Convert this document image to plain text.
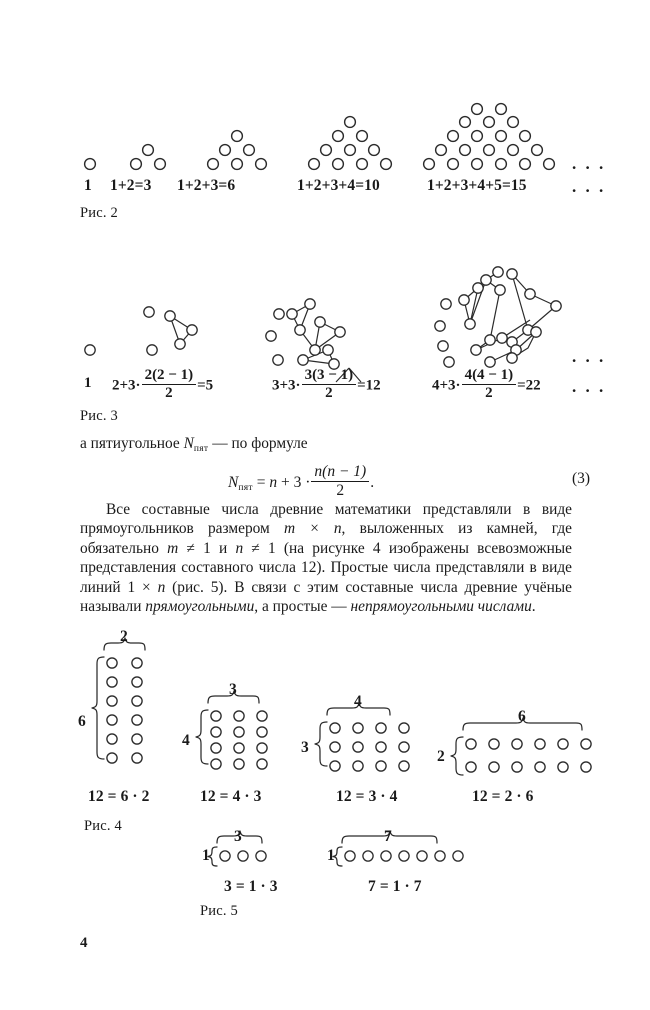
. . .
1 1+2=3 1+2+3=6	1+2+3+4=10	1+2+3+4+5=15	. . .
Рис. 2
. . .
1 $2+3\cdot \frac{2(2 - 1)}{2} =5$	$3+3\cdot \frac{3(3 - 1)}{2} =12$	$4+3\cdot \frac{4(4 - 1)}{2} =22$ . . .
Рис. 3
а пятиугольное $N_{пят}$ — по формуле
$N_{пят} = n + 3 \cdot \frac{n(n - 1)}{2}$ .	(3)
Все составные числа древние математики представляли в виде прямоугольников размером m × n, выложенных из камней, где обязательно m ≠ 1 и n ≠ 1 (на рисунке 4 изображены всевозможные представления составного числа 12). Простые числа представляли в виде линий 1 × n (рис. 5). В связи с этим составные числа древние учёные называли прямоугольными, а простые — непрямоугольными числами.
2
6
12 = 6 · 2
3
4
12 = 4 · 3
4
3
12 = 3 · 4
6
2
12 = 2 · 6
Рис. 4
3
1
3 = 1 · 3
7
1
7 = 1 · 7
Рис. 5
4
